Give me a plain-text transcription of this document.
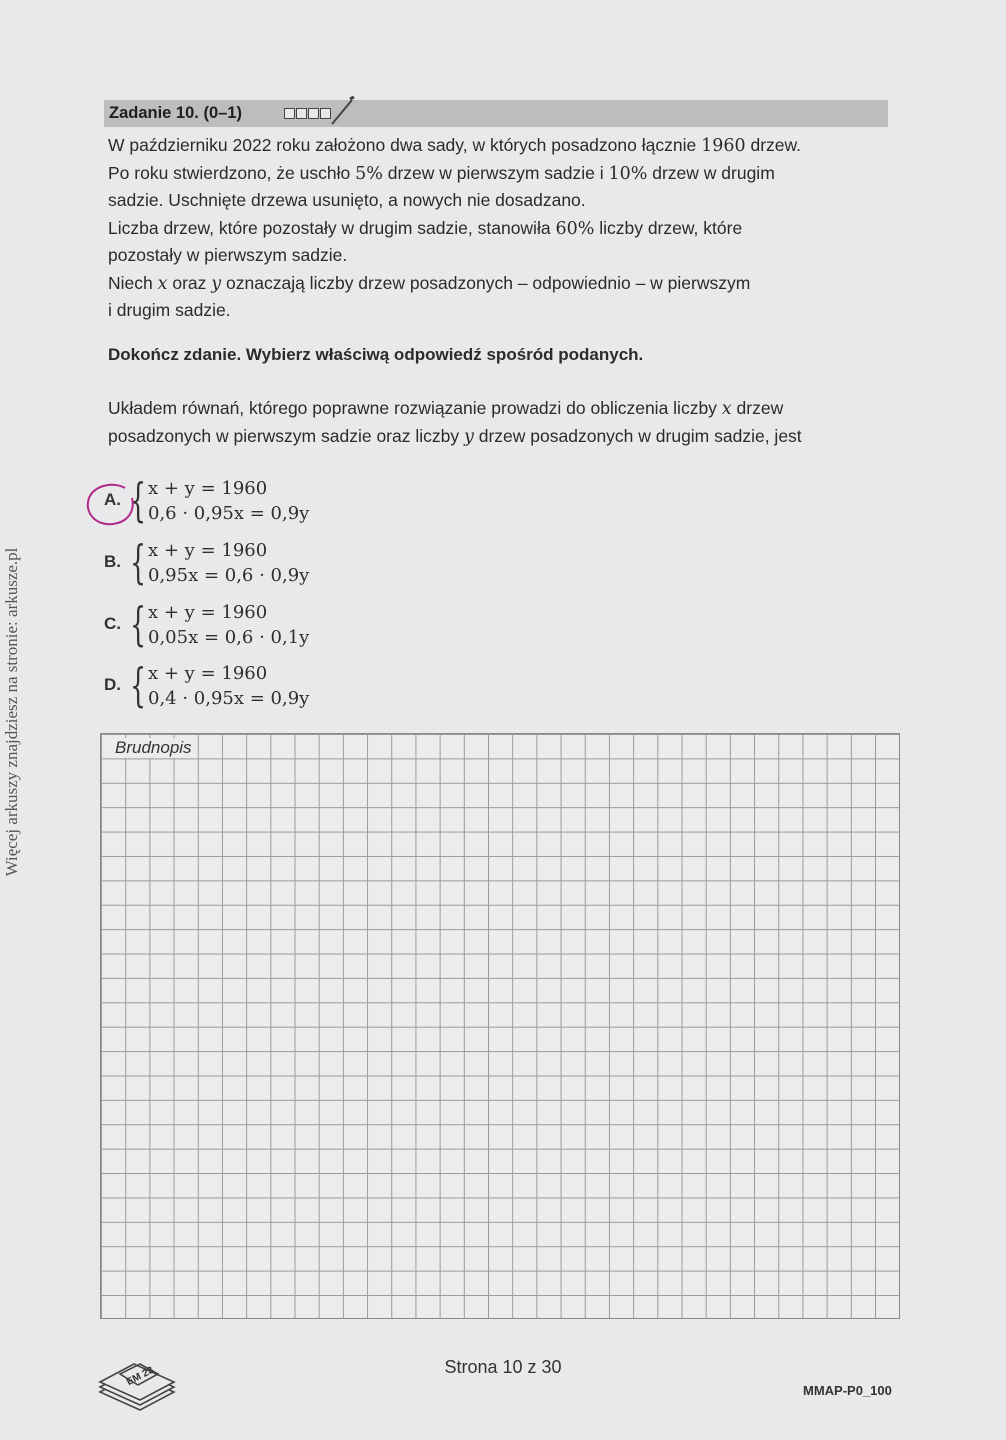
Więcej arkuszy znajdziesz na stronie: arkusze.pl
Zadanie 10. (0–1)
W październiku 2022 roku założono dwa sady, w których posadzono łącznie 1960 drzew.
Po roku stwierdzono, że uschło 5% drzew w pierwszym sadzie i 10% drzew w drugim
sadzie. Uschnięte drzewa usunięto, a nowych nie dosadzano.
Liczba drzew, które pozostały w drugim sadzie, stanowiła 60% liczby drzew, które
pozostały w pierwszym sadzie.
Niech x oraz y oznaczają liczby drzew posadzonych – odpowiednio – w pierwszym
i drugim sadzie.
Dokończ zdanie. Wybierz właściwą odpowiedź spośród podanych.
Układem równań, którego poprawne rozwiązanie prowadzi do obliczenia liczby x drzew
posadzonych w pierwszym sadzie oraz liczby y drzew posadzonych w drugim sadzie, jest
A. { x + y = 1960
0,6 · 0,95x = 0,9y
B. { x + y = 1960
0,95x = 0,6 · 0,9y
C. { x + y = 1960
0,05x = 0,6 · 0,1y
D. { x + y = 1960
0,4 · 0,95x = 0,9y
Brudnopis
EM 23	Strona 10 z 30
MMAP-P0_100
